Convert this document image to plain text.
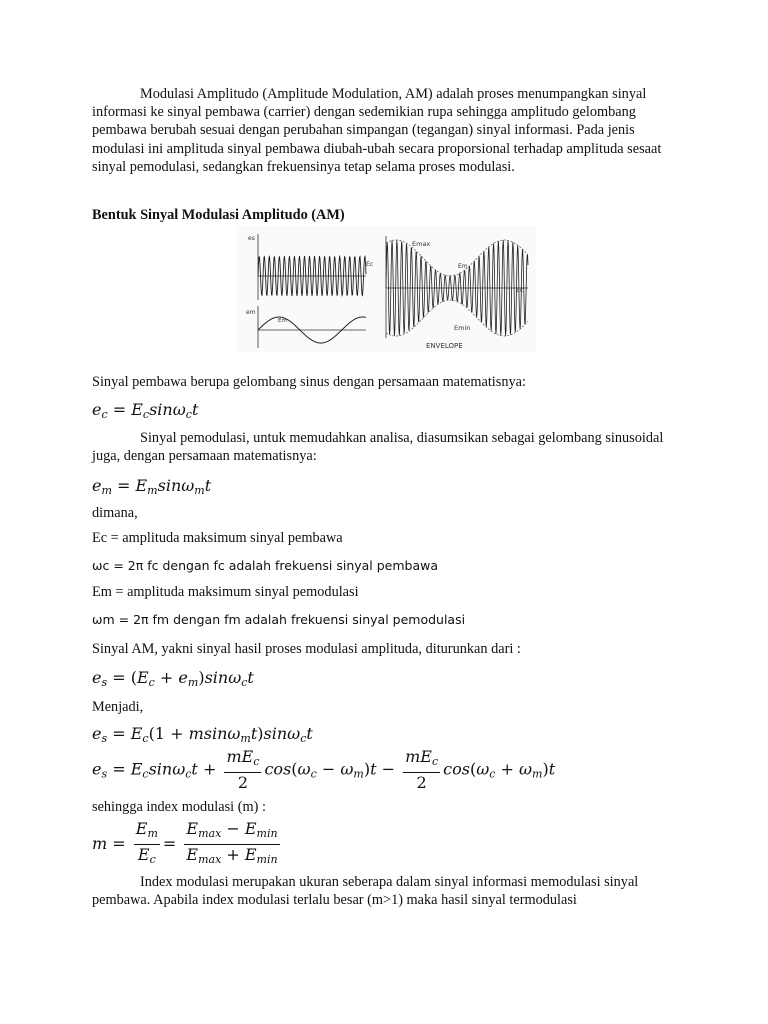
Modulasi Amplitudo (Amplitude Modulation, AM) adalah proses menumpangkan sinyal informasi ke sinyal pembawa (carrier) dengan sedemikian rupa sehingga amplitudo gelombang pembawa berubah sesuai dengan perubahan simpangan (tegangan) sinyal informasi. Pada jenis modulasi ini amplituda sinyal pembawa diubah-ubah secara proporsional terhadap amplituda sesaat sinyal pemodulasi, sedangkan frekuensinya tetap selama proses modulasi.

Bentuk Sinyal Modulasi Amplitudo (AM)

es
Ec
em
Em
Emax
Emin
Em
Ec
ENVELOPE

Sinyal pembawa berupa gelombang sinus dengan persamaan matematisnya:

$e_c = E_c\sin\omega_ct$

Sinyal pemodulasi, untuk memudahkan analisa, diasumsikan sebagai gelombang sinusoidal juga, dengan persamaan matematisnya:

$e_m = E_m\sin\omega_mt$

dimana,

Ec = amplituda maksimum sinyal pembawa
ωc = 2π fc dengan fc adalah frekuensi sinyal pembawa
Em = amplituda maksimum sinyal pemodulasi
ωm = 2π fm dengan fm adalah frekuensi sinyal pemodulasi

Sinyal AM, yakni sinyal hasil proses modulasi amplituda, diturunkan dari :

$e_s = (E_c + e_m)\sin\omega_ct$

Menjadi,

$e_s = E_c(1 + msin\omega_mt)\sin\omega_ct$
$e_s = E_c\sin\omega_ct + \frac{mE_c}{2} \cos(\omega_c - \omega_m)t - \frac{mE_c}{2} \cos(\omega_c + \omega_m)t$

sehingga index modulasi (m) :

$m = \frac{E_m}{E_c} = \frac{E_{max} - E_{min}}{E_{max} + E_{min}}$

Index modulasi merupakan ukuran seberapa dalam sinyal informasi memodulasi sinyal pembawa. Apabila index modulasi terlalu besar (m>1) maka hasil sinyal termodulasi
